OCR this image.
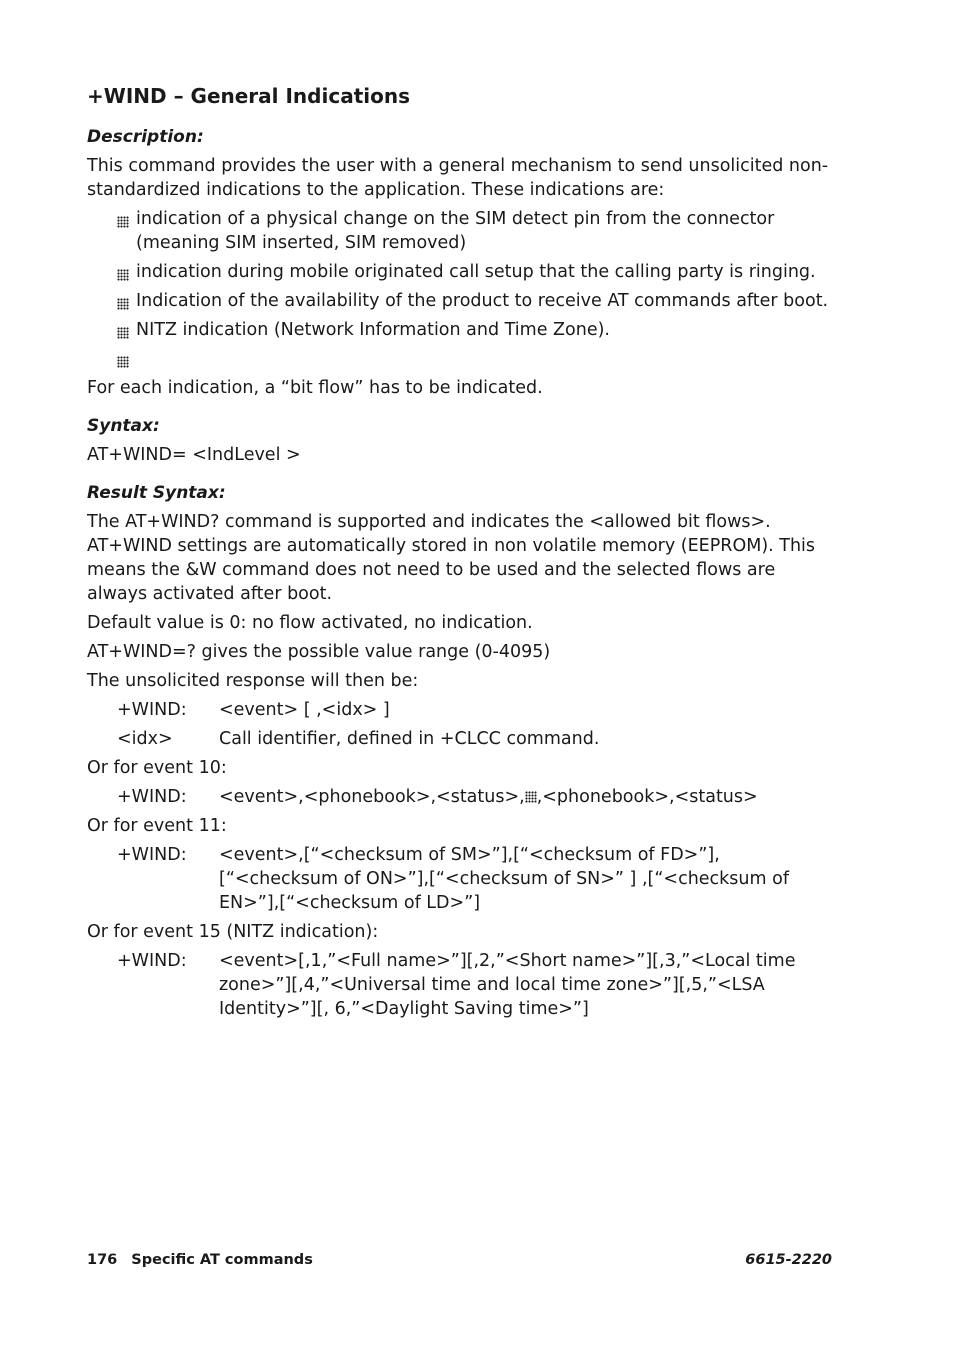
+WIND – General Indications
Description:

This command provides the user with a general mechanism to send unsolicited non-standardized indications to the application. These indications are:

indication of a physical change on the SIM detect pin from the connector (meaning SIM inserted, SIM removed)
indication during mobile originated call setup that the calling party is ringing.
Indication of the availability of the product to receive AT commands after boot.
NITZ indication (Network Information and Time Zone).

For each indication, a “bit flow” has to be indicated.

Syntax:

AT+WIND= <IndLevel >

Result Syntax:

The AT+WIND? command is supported and indicates the <allowed bit flows>. AT+WIND settings are automatically stored in non volatile memory (EEPROM). This means the &W command does not need to be used and the selected flows are always activated after boot.

Default value is 0: no flow activated, no indication.

AT+WIND=? gives the possible value range (0-4095)

The unsolicited response will then be:

+WIND:	<event> [ ,<idx> ]
<idx>	Call identifier, defined in +CLCC command.

Or for event 10:

+WIND:	<event>,<phonebook>,<status>, ,<phonebook>,<status>

Or for event 11:

+WIND:	<event>,[“<checksum of SM>”],[“<checksum of FD>”],[“<checksum of ON>”],[“<checksum of SN>” ] ,[“<checksum of EN>”],[“<checksum of LD>”]

Or for event 15 (NITZ indication):

+WIND:	<event>[,1,”<Full name>”][,2,”<Short name>”][,3,”<Local time zone>”][,4,”<Universal time and local time zone>”][,5,”<LSA Identity>”][, 6,”<Daylight Saving time>”]
176 Specific AT commands	6615-2220
